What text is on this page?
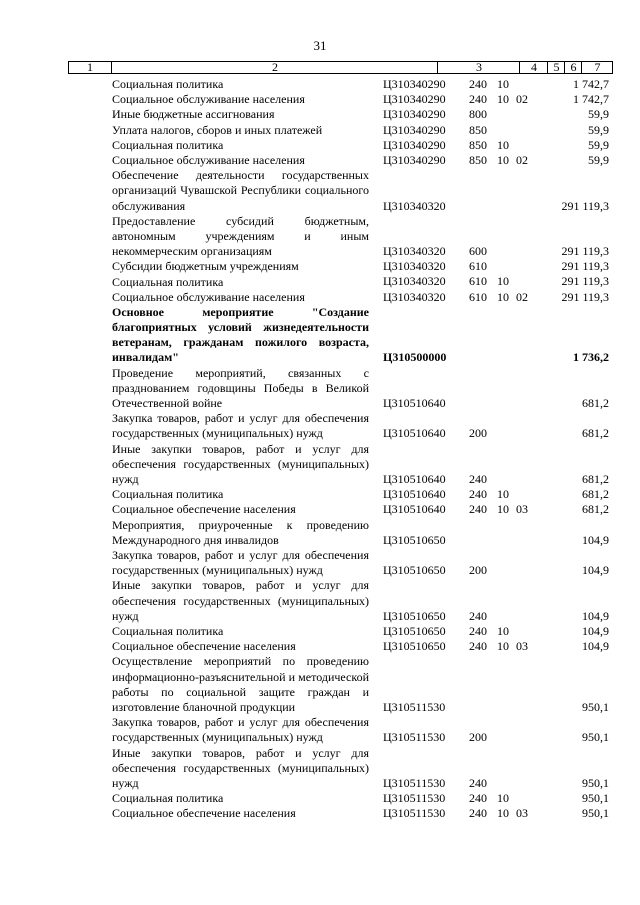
31
1	2	3	4	5 6	7
Социальная политика	Ц310340290 240 10	1 742,7
Социальное обслуживание населения	Ц310340290 240 10 02	1 742,7
Иные бюджетные ассигнования	Ц310340290 800	59,9
Уплата налогов, сборов и иных платежей	Ц310340290 850	59,9
Социальная политика	Ц310340290 850 10	59,9
Социальное обслуживание населения	Ц310340290 850 10 02	59,9
Обеспечение деятельности государственных организаций Чувашской Республики социального обслуживания	Ц310340320	291 119,3
Предоставление субсидий бюджетным, автономным учреждениям и иным некоммерческим организациям	Ц310340320 600	291 119,3
Субсидии бюджетным учреждениям	Ц310340320 610	291 119,3
Социальная политика	Ц310340320 610 10	291 119,3
Социальное обслуживание населения	Ц310340320 610 10 02	291 119,3
Основное мероприятие "Создание благоприятных условий жизнедеятельности ветеранам, гражданам пожилого возраста, инвалидам"	Ц310500000	1 736,2
Проведение мероприятий, связанных с празднованием годовщины Победы в Великой Отечественной войне	Ц310510640	681,2
Закупка товаров, работ и услуг для обеспечения государственных (муниципальных) нужд	Ц310510640 200	681,2
Иные закупки товаров, работ и услуг для обеспечения государственных (муниципальных) нужд	Ц310510640 240	681,2
Социальная политика	Ц310510640 240 10	681,2
Социальное обеспечение населения	Ц310510640 240 10 03	681,2
Мероприятия, приуроченные к проведению Международного дня инвалидов	Ц310510650	104,9
Закупка товаров, работ и услуг для обеспечения государственных (муниципальных) нужд	Ц310510650 200	104,9
Иные закупки товаров, работ и услуг для обеспечения государственных (муниципальных) нужд	Ц310510650 240	104,9
Социальная политика	Ц310510650 240 10	104,9
Социальное обеспечение населения	Ц310510650 240 10 03	104,9
Осуществление мероприятий по проведению информационно-разъяснительной и методической работы по социальной защите граждан и изготовление бланочной продукции	Ц310511530	950,1
Закупка товаров, работ и услуг для обеспечения государственных (муниципальных) нужд	Ц310511530 200	950,1
Иные закупки товаров, работ и услуг для обеспечения государственных (муниципальных) нужд	Ц310511530 240	950,1
Социальная политика	Ц310511530 240 10	950,1
Социальное обеспечение населения	Ц310511530 240 10 03	950,1
